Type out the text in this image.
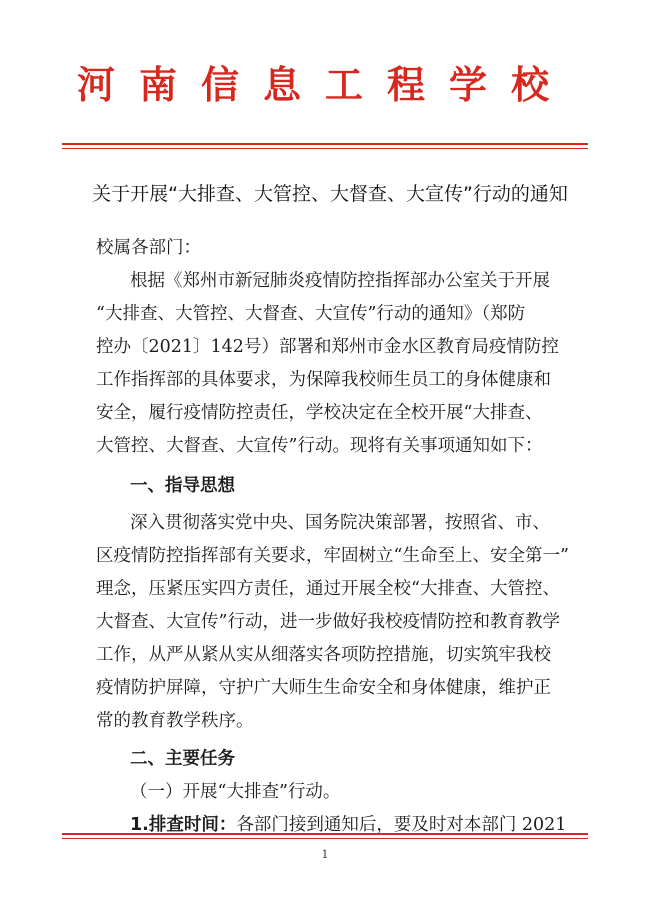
河南信息工程学校
关于开展“大排查、大管控、大督查、大宣传”行动的通知
校属各部门：
根据《郑州市新冠肺炎疫情防控指挥部办公室关于开展
“大排查、大管控、大督查、大宣传”行动的通知》（郑防
控办〔2021〕142号）部署和郑州市金水区教育局疫情防控
工作指挥部的具体要求，为保障我校师生员工的身体健康和
安全，履行疫情防控责任，学校决定在全校开展“大排查、
大管控、大督查、大宣传”行动。现将有关事项通知如下：
一、指导思想
深入贯彻落实党中央、国务院决策部署，按照省、市、
区疫情防控指挥部有关要求，牢固树立“生命至上、安全第一”
理念，压紧压实四方责任，通过开展全校“大排查、大管控、
大督查、大宣传”行动，进一步做好我校疫情防控和教育教学
工作，从严从紧从实从细落实各项防控措施，切实筑牢我校
疫情防护屏障，守护广大师生生命安全和身体健康，维护正
常的教育教学秩序。
二、主要任务
（一）开展“大排查”行动。
1.排查时间：各部门接到通知后，要及时对本部门 2021
1
